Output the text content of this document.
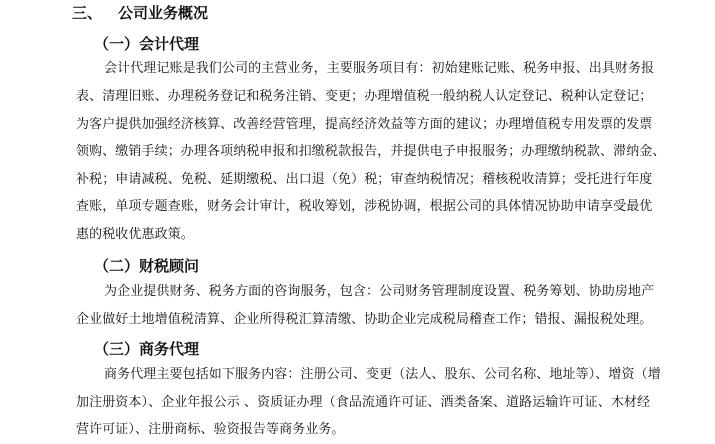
三、 公司业务概况
（一）会计代理
会计代理记账是我们公司的主营业务，主要服务项目有：初始建账记账、税务申报、出具财务报
表、清理旧账、办理税务登记和税务注销、变更；办理增值税一般纳税人认定登记、税种认定登记；
为客户提供加强经济核算、改善经营管理，提高经济效益等方面的建议；办理增值税专用发票的发票
领购、缴销手续；办理各项纳税申报和扣缴税款报告，并提供电子申报服务；办理缴纳税款、滞纳金、
补税；申请减税、免税、延期缴税、出口退（免）税；审查纳税情况；稽核税收清算；受托进行年度
查账，单项专题查账，财务会计审计，税收筹划，涉税协调，根据公司的具体情况协助申请享受最优
惠的税收优惠政策。
（二）财税顾问
为企业提供财务、税务方面的咨询服务，包含：公司财务管理制度设置、税务筹划、协助房地产
企业做好土地增值税清算、企业所得税汇算清缴、协助企业完成税局稽查工作；错报、漏报税处理。
（三）商务代理
商务代理主要包括如下服务内容：注册公司、变更（法人、股东、公司名称、地址等）、增资（增
加注册资本）、企业年报公示 、资质证办理（食品流通许可证、酒类备案、道路运输许可证、木材经
营许可证）、注册商标、验资报告等商务业务。
